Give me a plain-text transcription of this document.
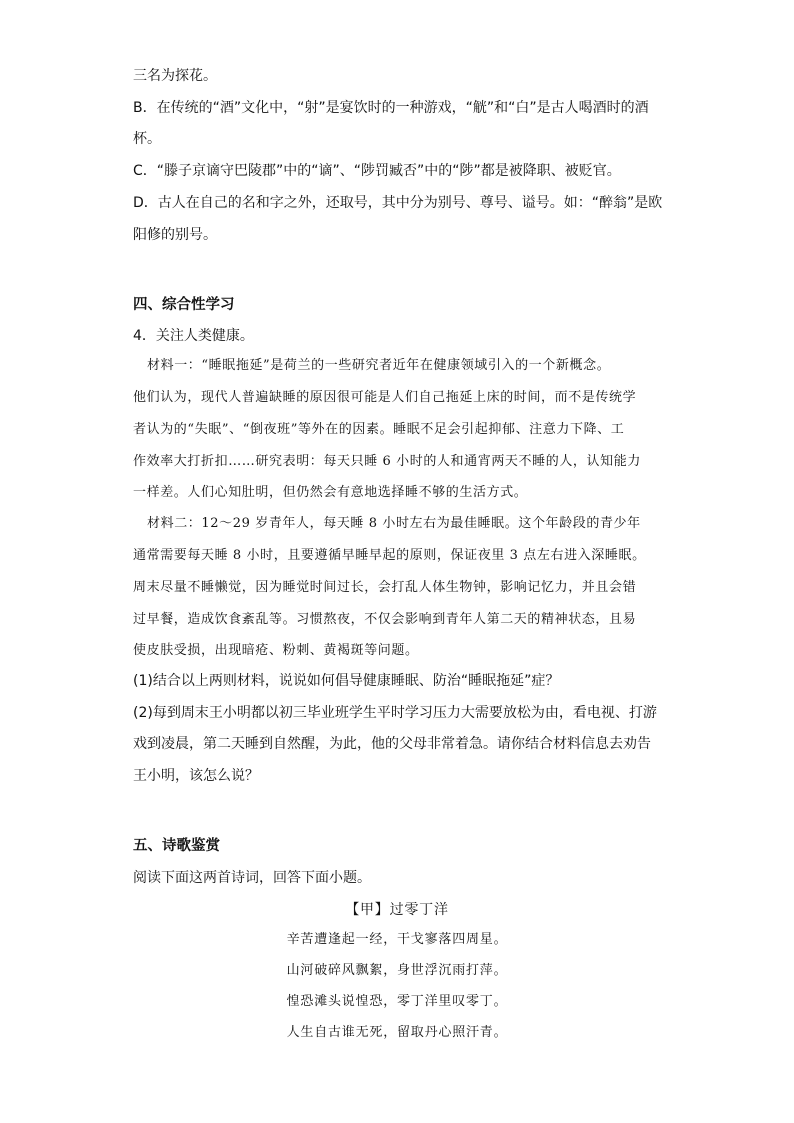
三名为探花。
B．在传统的“酒”文化中，“射”是宴饮时的一种游戏，“觥”和“白”是古人喝酒时的酒
杯。
C．“滕子京谪守巴陵郡”中的“谪”、“陟罚臧否”中的“陟”都是被降职、被贬官。
D．古人在自己的名和字之外，还取号，其中分为别号、尊号、谥号。如：“醉翁”是欧
阳修的别号。
四、综合性学习
4．关注人类健康。
材料一：“睡眠拖延”是荷兰的一些研究者近年在健康领域引入的一个新概念。
他们认为，现代人普遍缺睡的原因很可能是人们自己拖延上床的时间，而不是传统学
者认为的“失眠”、“倒夜班”等外在的因素。睡眠不足会引起抑郁、注意力下降、工
作效率大打折扣……研究表明：每天只睡 6 小时的人和通宵两天不睡的人，认知能力
一样差。人们心知肚明，但仍然会有意地选择睡不够的生活方式。
材料二：12～29 岁青年人，每天睡 8 小时左右为最佳睡眠。这个年龄段的青少年
通常需要每天睡 8 小时，且要遵循早睡早起的原则，保证夜里 3 点左右进入深睡眠。
周末尽量不睡懒觉，因为睡觉时间过长，会打乱人体生物钟，影响记忆力，并且会错
过早餐，造成饮食紊乱等。习惯熬夜，不仅会影响到青年人第二天的精神状态，且易
使皮肤受损，出现暗疮、粉刺、黄褐斑等问题。
(1)结合以上两则材料，说说如何倡导健康睡眠、防治“睡眠拖延”症？
(2)每到周末王小明都以初三毕业班学生平时学习压力大需要放松为由，看电视、打游
戏到凌晨，第二天睡到自然醒，为此，他的父母非常着急。请你结合材料信息去劝告
王小明，该怎么说？
五、诗歌鉴赏
阅读下面这两首诗词，回答下面小题。
【甲】过零丁洋
辛苦遭逢起一经，干戈寥落四周星。
山河破碎风飘絮，身世浮沉雨打萍。
惶恐滩头说惶恐，零丁洋里叹零丁。
人生自古谁无死，留取丹心照汗青。
